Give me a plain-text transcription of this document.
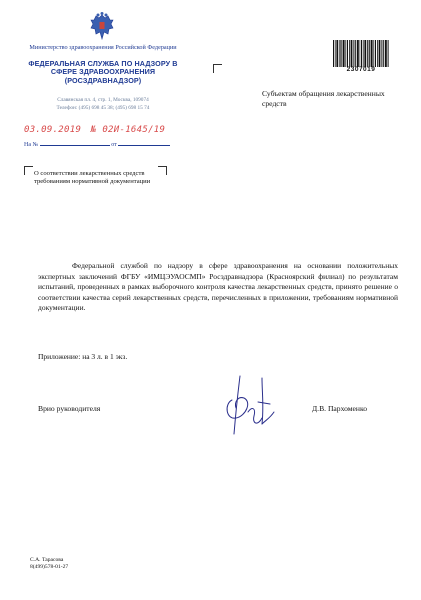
Министерство здравоохранения Российской Федерации
ФЕДЕРАЛЬНАЯ СЛУЖБА ПО НАДЗОРУ В СФЕРЕ ЗДРАВООХРАНЕНИЯ (РОСЗДРАВНАДЗОР)
Славянская пл. 4, стр. 1, Москва, 109074
Телефон: (495) 698 45 38; (495) 698 15 74
03.09.2019 № 02И-1645/19
На №	от
О соответствии лекарственных средств требованиям нормативной документации
2307019
Субъектам обращения лекарственных средств
Федеральной службой по надзору в сфере здравоохранения на основании положительных экспертных заключений ФГБУ «ИМЦЭУАОСМП» Росздравнадзора (Красноярский филиал) по результатам испытаний, проведенных в рамках выборочного контроля качества лекарственных средств, принято решение о соответствии качества серий лекарственных средств, перечисленных в приложении, требованиям нормативной документации.
Приложение: на 3 л. в 1 экз.
Врио руководителя	Д.В. Пархоменко
С.А. Тарасова
8(499)578-01-27
